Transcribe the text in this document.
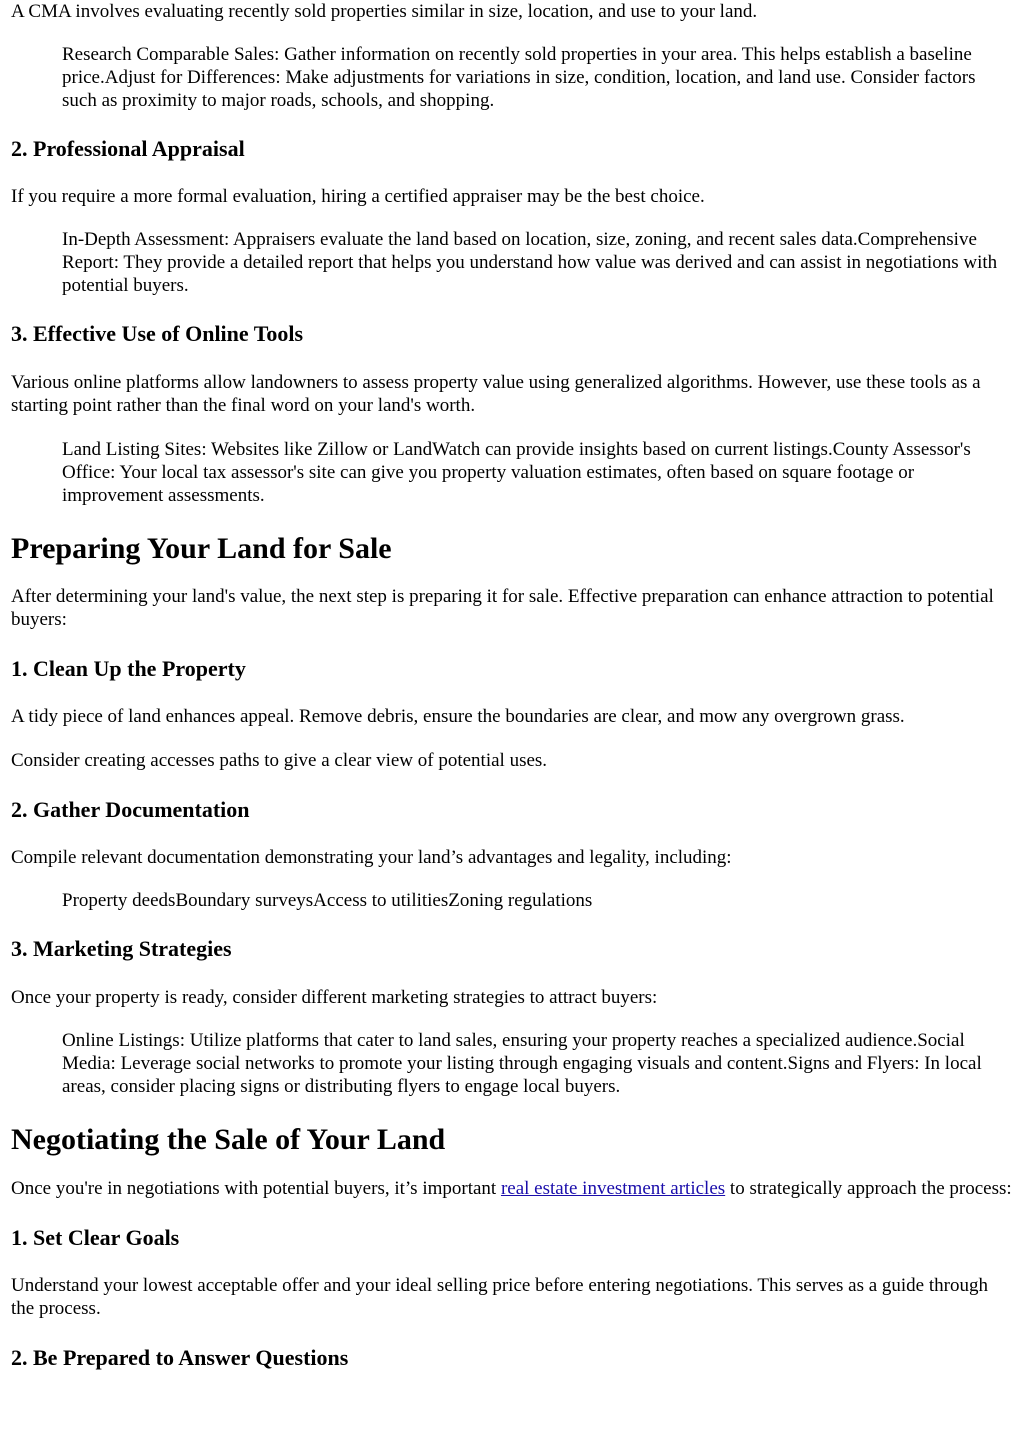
A CMA involves evaluating recently sold properties similar in size, location, and use to your land.

Research Comparable Sales: Gather information on recently sold properties in your area. This helps establish a baseline price.Adjust for Differences: Make adjustments for variations in size, condition, location, and land use. Consider factors such as proximity to major roads, schools, and shopping.

2. Professional Appraisal

If you require a more formal evaluation, hiring a certified appraiser may be the best choice.

In-Depth Assessment: Appraisers evaluate the land based on location, size, zoning, and recent sales data.Comprehensive Report: They provide a detailed report that helps you understand how value was derived and can assist in negotiations with potential buyers.

3. Effective Use of Online Tools

Various online platforms allow landowners to assess property value using generalized algorithms. However, use these tools as a starting point rather than the final word on your land's worth.

Land Listing Sites: Websites like Zillow or LandWatch can provide insights based on current listings.County Assessor's Office: Your local tax assessor's site can give you property valuation estimates, often based on square footage or improvement assessments.

Preparing Your Land for Sale

After determining your land's value, the next step is preparing it for sale. Effective preparation can enhance attraction to potential buyers:

1. Clean Up the Property

A tidy piece of land enhances appeal. Remove debris, ensure the boundaries are clear, and mow any overgrown grass.

Consider creating accesses paths to give a clear view of potential uses.

2. Gather Documentation

Compile relevant documentation demonstrating your land’s advantages and legality, including:

Property deedsBoundary surveysAccess to utilitiesZoning regulations

3. Marketing Strategies

Once your property is ready, consider different marketing strategies to attract buyers:

Online Listings: Utilize platforms that cater to land sales, ensuring your property reaches a specialized audience.Social Media: Leverage social networks to promote your listing through engaging visuals and content.Signs and Flyers: In local areas, consider placing signs or distributing flyers to engage local buyers.

Negotiating the Sale of Your Land

Once you're in negotiations with potential buyers, it’s important real estate investment articles to strategically approach the process:

1. Set Clear Goals

Understand your lowest acceptable offer and your ideal selling price before entering negotiations. This serves as a guide through the process.

2. Be Prepared to Answer Questions
